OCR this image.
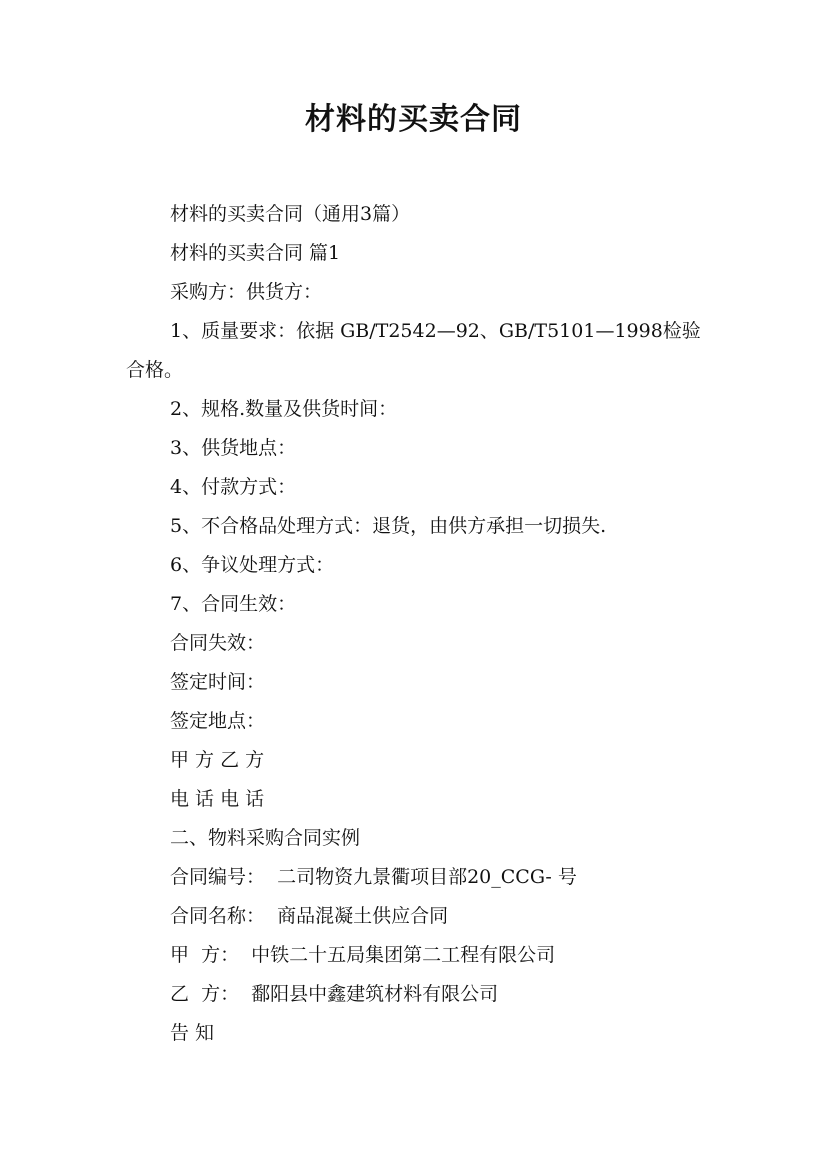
材料的买卖合同
材料的买卖合同（通用3篇）
材料的买卖合同 篇1
采购方：供货方：
1、质量要求：依据 GB/T2542—92、GB/T5101—1998检验合格。
2、规格.数量及供货时间：
3、供货地点：
4、付款方式：
5、不合格品处理方式：退货，由供方承担一切损失.
6、争议处理方式：
7、合同生效：
合同失效：
签定时间：
签定地点：
甲 方 乙 方
电 话 电 话
二、物料采购合同实例
合同编号：  二司物资九景衢项目部20_CCG- 号
合同名称：  商品混凝土供应合同
甲  方：  中铁二十五局集团第二工程有限公司
乙  方：  鄱阳县中鑫建筑材料有限公司
告 知
